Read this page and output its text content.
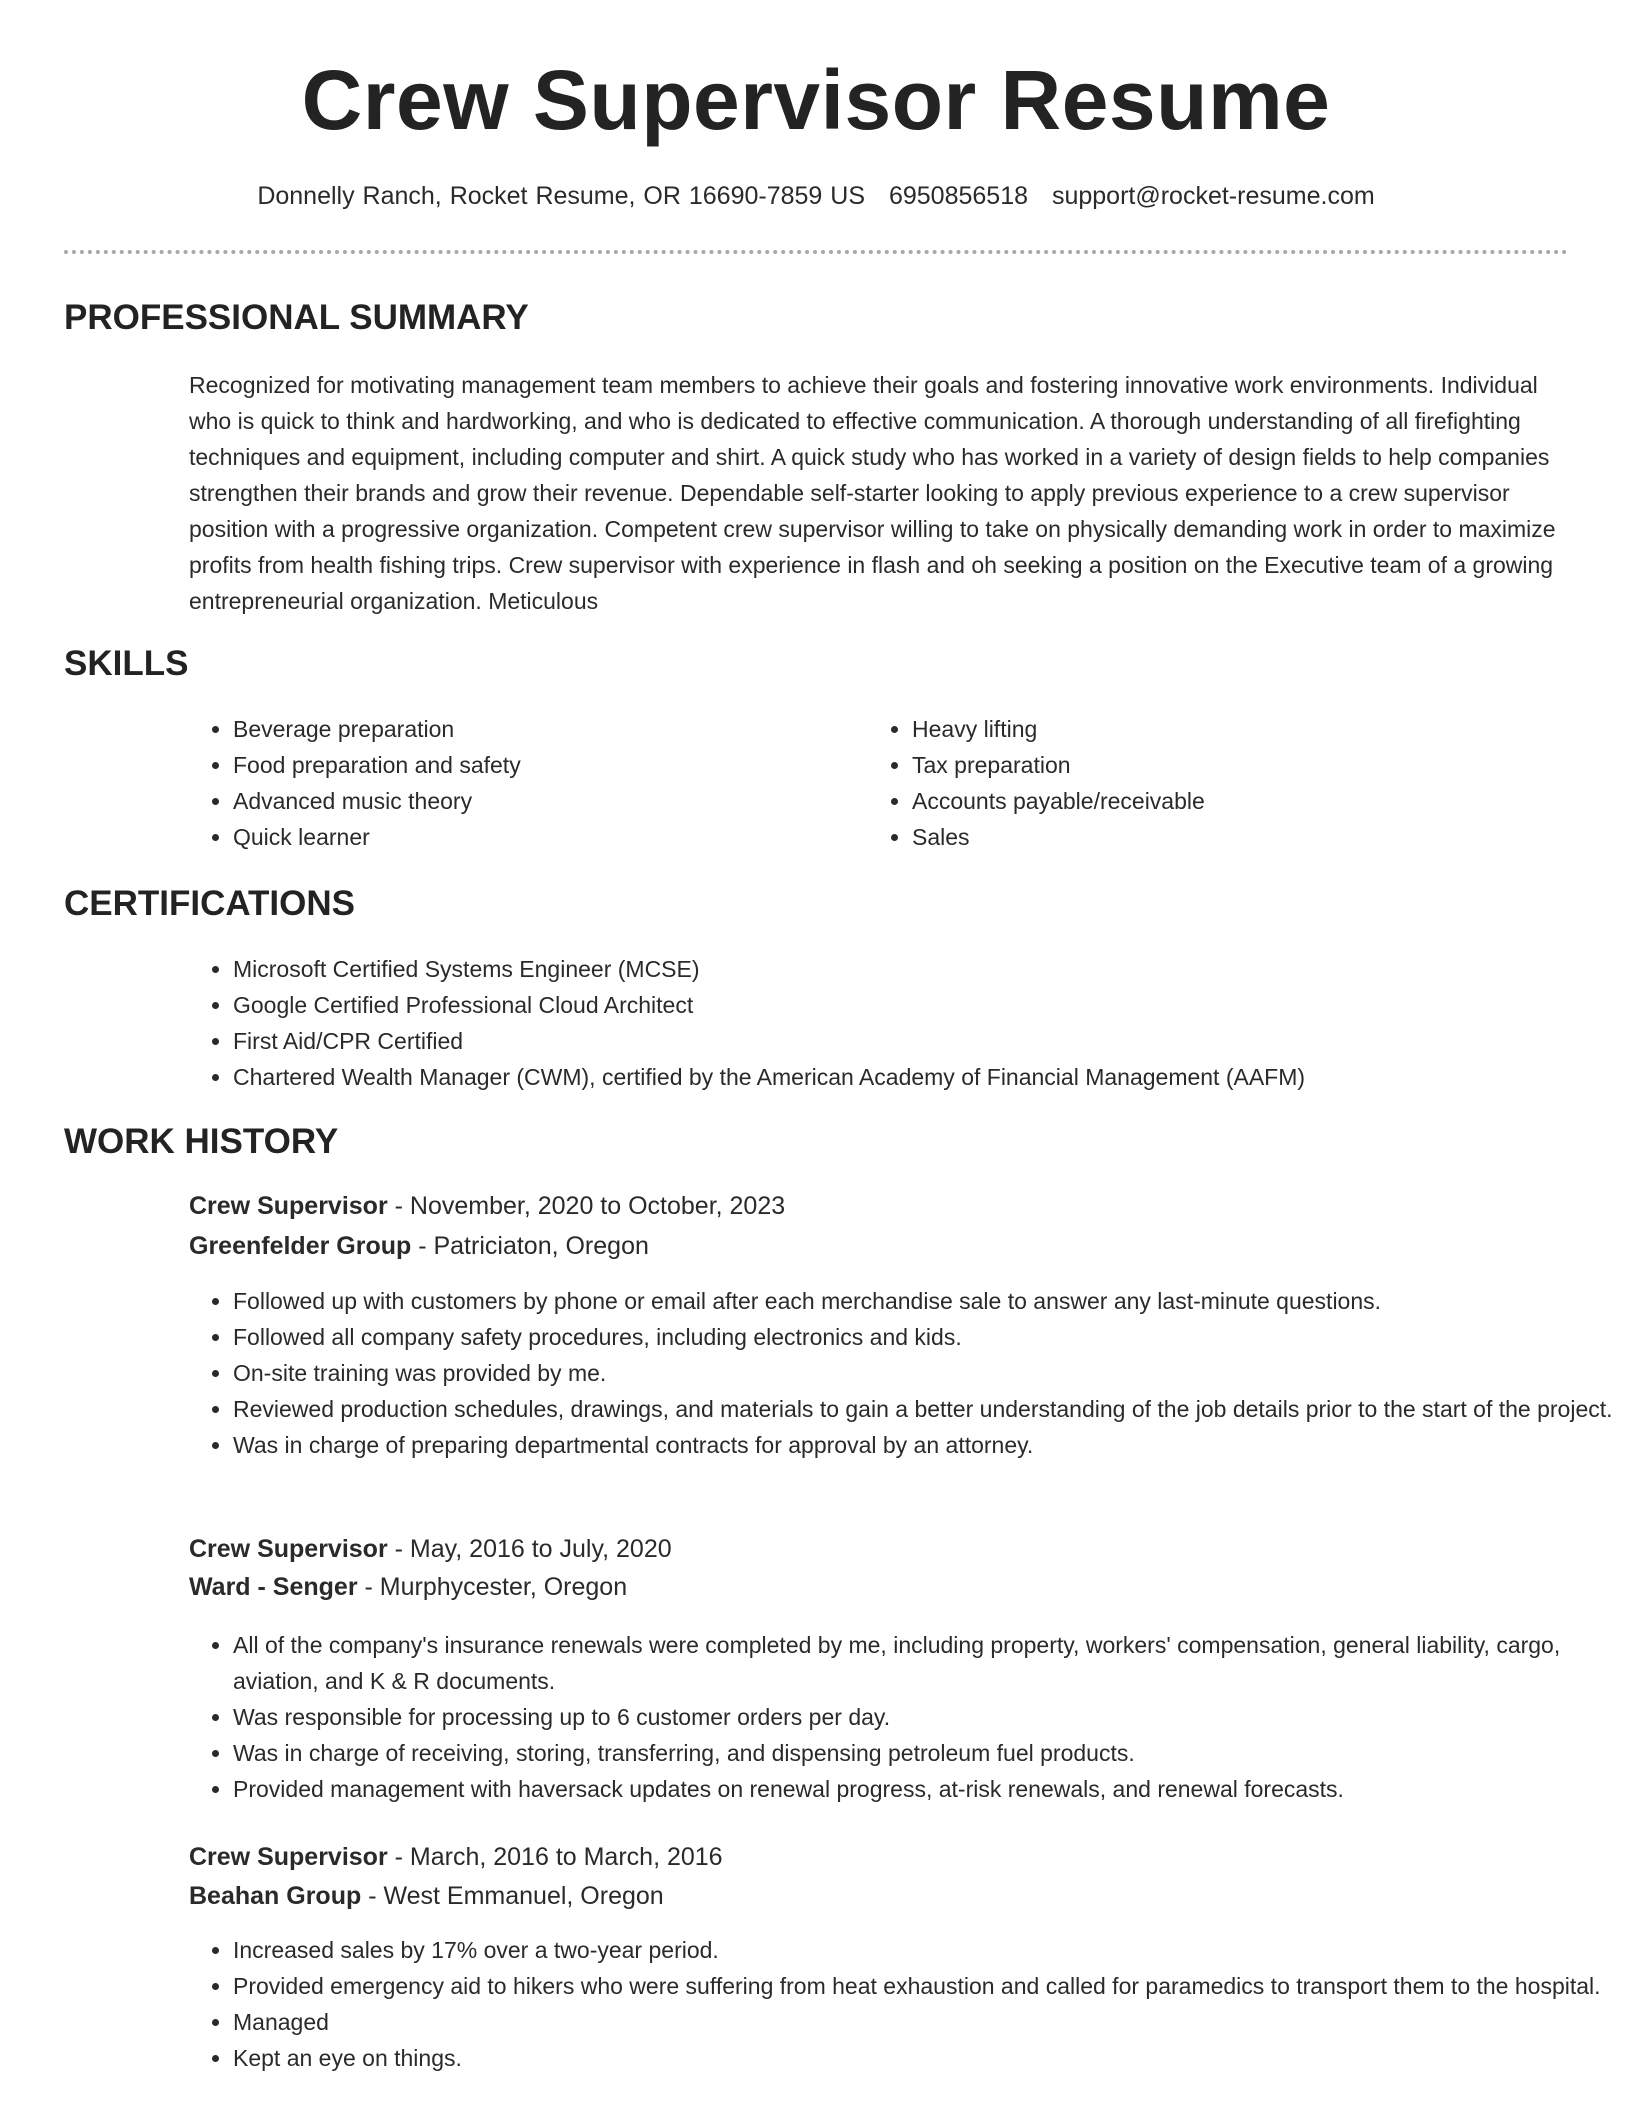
Crew Supervisor Resume
Donnelly Ranch, Rocket Resume, OR 16690-7859 US 6950856518 support@rocket-resume.com
PROFESSIONAL SUMMARY

Recognized for motivating management team members to achieve their goals and fostering innovative work environments. Individual who is quick to think and hardworking, and who is dedicated to effective communication. A thorough understanding of all firefighting techniques and equipment, including computer and shirt. A quick study who has worked in a variety of design fields to help companies strengthen their brands and grow their revenue. Dependable self-starter looking to apply previous experience to a crew supervisor position with a progressive organization. Competent crew supervisor willing to take on physically demanding work in order to maximize profits from health fishing trips. Crew supervisor with experience in flash and oh seeking a position on the Executive team of a growing entrepreneurial organization. Meticulous

SKILLS
• Beverage preparation
• Food preparation and safety
• Advanced music theory
• Quick learner
• Heavy lifting
• Tax preparation
• Accounts payable/receivable
• Sales
CERTIFICATIONS
• Microsoft Certified Systems Engineer (MCSE)
• Google Certified Professional Cloud Architect
• First Aid/CPR Certified
• Chartered Wealth Manager (CWM), certified by the American Academy of Financial Management (AAFM)
WORK HISTORY
Crew Supervisor - November, 2020 to October, 2023
Greenfelder Group - Patriciaton, Oregon
• Followed up with customers by phone or email after each merchandise sale to answer any last-minute questions.
• Followed all company safety procedures, including electronics and kids.
• On-site training was provided by me.
• Reviewed production schedules, drawings, and materials to gain a better understanding of the job details prior to the start of the project.
• Was in charge of preparing departmental contracts for approval by an attorney.
Crew Supervisor - May, 2016 to July, 2020
Ward - Senger - Murphycester, Oregon
• All of the company's insurance renewals were completed by me, including property, workers' compensation, general liability, cargo, aviation, and K & R documents.
• Was responsible for processing up to 6 customer orders per day.
• Was in charge of receiving, storing, transferring, and dispensing petroleum fuel products.
• Provided management with haversack updates on renewal progress, at-risk renewals, and renewal forecasts.
Crew Supervisor - March, 2016 to March, 2016
Beahan Group - West Emmanuel, Oregon
• Increased sales by 17% over a two-year period.
• Provided emergency aid to hikers who were suffering from heat exhaustion and called for paramedics to transport them to the hospital.
• Managed
• Kept an eye on things.
